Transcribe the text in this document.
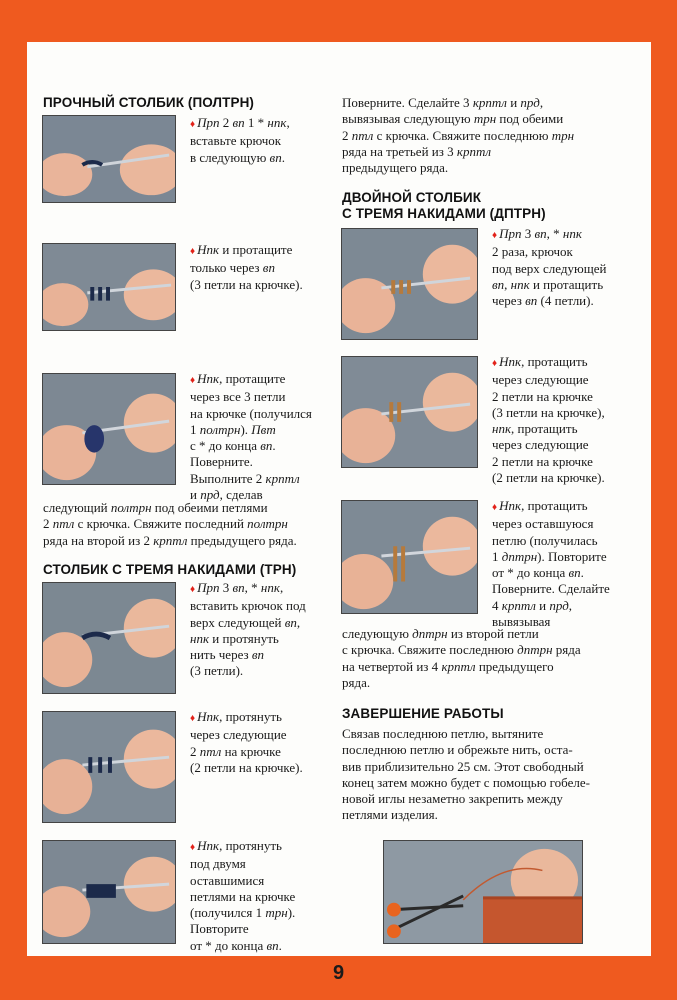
ПРОЧНЫЙ СТОЛБИК (ПОЛТРН)
♦ Прп 2 вп 1 * нпк,
вставьте крючок
в следующую вп.
♦ Нпк и протащите
только через вп
(3 петли на крючке).
♦ Нпк, протащите
через все 3 петли
на крючке (получился
1 полтрн). Пвт
с * до конца вп.
Поверните.
Выполните 2 крптл
и прд, сделав
следующий полтрн под обеими петлями
2 птл с крючка. Свяжите последний полтрн
ряда на второй из 2 крптл предыдущего ряда.
СТОЛБИК С ТРЕМЯ НАКИДАМИ (ТРН)
♦ Прп 3 вп, * нпк,
вставить крючок под
верх следующей вп,
нпк и протянуть
нить через вп
(3 петли).
♦ Нпк, протянуть
через следующие
2 птл на крючке
(2 петли на крючке).
♦ Нпк, протянуть
под двумя
оставшимися
петлями на крючке
(получился 1 трн).
Повторите
от * до конца вп.
Поверните. Сделайте 3 крптл и прд,
вывязывая следующую трн под обеими
2 птл с крючка. Свяжите последнюю трн
ряда на третьей из 3 крптл
предыдущего ряда.
ДВОЙНОЙ СТОЛБИК
С ТРЕМЯ НАКИДАМИ (ДПТРН)
♦ Прп 3 вп, * нпк
2 раза, крючок
под верх следующей
вп, нпк и протащить
через вп (4 петли).
♦ Нпк, протащить
через следующие
2 петли на крючке
(3 петли на крючке),
нпк, протащить
через следующие
2 петли на крючке
(2 петли на крючке).
♦ Нпк, протащить
через оставшуюся
петлю (получилась
1 дптрн). Повторите
от * до конца вп.
Поверните. Сделайте
4 крптл и прд,
вывязывая
следующую дптрн из второй петли
с крючка. Свяжите последнюю дптрн ряда
на четвертой из 4 крптл предыдущего
ряда.
ЗАВЕРШЕНИЕ РАБОТЫ
Связав последнюю петлю, вытяните
последнюю петлю и обрежьте нить, оста-
вив приблизительно 25 см. Этот свободный
конец затем можно будет с помощью гобеле-
новой иглы незаметно закрепить между
петлями изделия.
9
